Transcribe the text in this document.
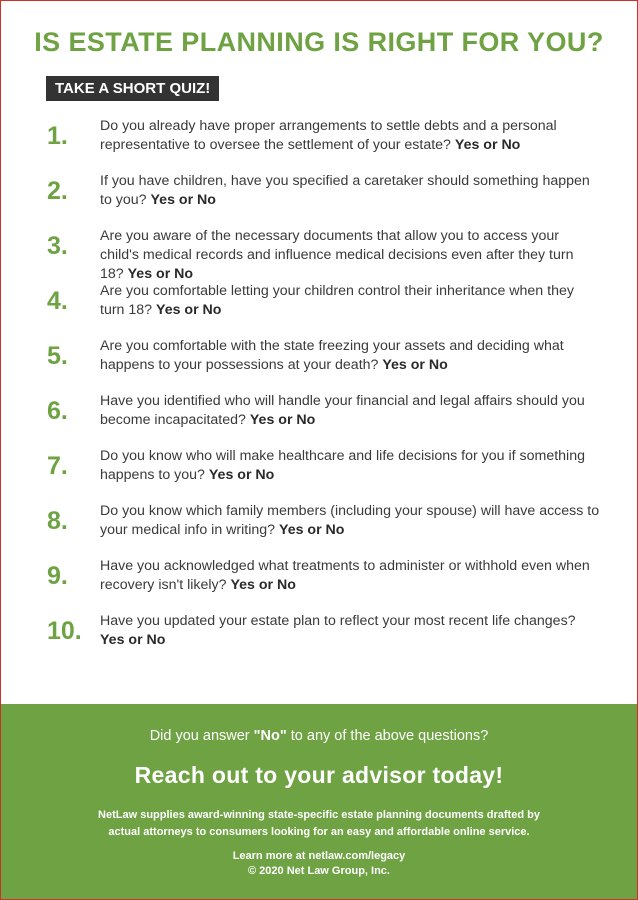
IS ESTATE PLANNING IS RIGHT FOR YOU?
TAKE A SHORT QUIZ!
1.	Do you already have proper arrangements to settle debts and a personal representative to oversee the settlement of your estate? Yes or No
2.	If you have children, have you specified a caretaker should something happen to you? Yes or No
3.	Are you aware of the necessary documents that allow you to access your child's medical records and influence medical decisions even after they turn 18? Yes or No
4.	Are you comfortable letting your children control their inheritance when they turn 18? Yes or No
5.	Are you comfortable with the state freezing your assets and deciding what happens to your possessions at your death? Yes or No
6.	Have you identified who will handle your financial and legal affairs should you become incapacitated? Yes or No
7.	Do you know who will make healthcare and life decisions for you if something happens to you? Yes or No
8.	Do you know which family members (including your spouse) will have access to your medical info in writing? Yes or No
9.	Have you acknowledged what treatments to administer or withhold even when recovery isn't likely? Yes or No
10.	Have you updated your estate plan to reflect your most recent life changes? Yes or No
Did you answer "No" to any of the above questions?
Reach out to your advisor today!
NetLaw supplies award-winning state-specific estate planning documents drafted by actual attorneys to consumers looking for an easy and affordable online service.
Learn more at netlaw.com/legacy
© 2020 Net Law Group, Inc.
